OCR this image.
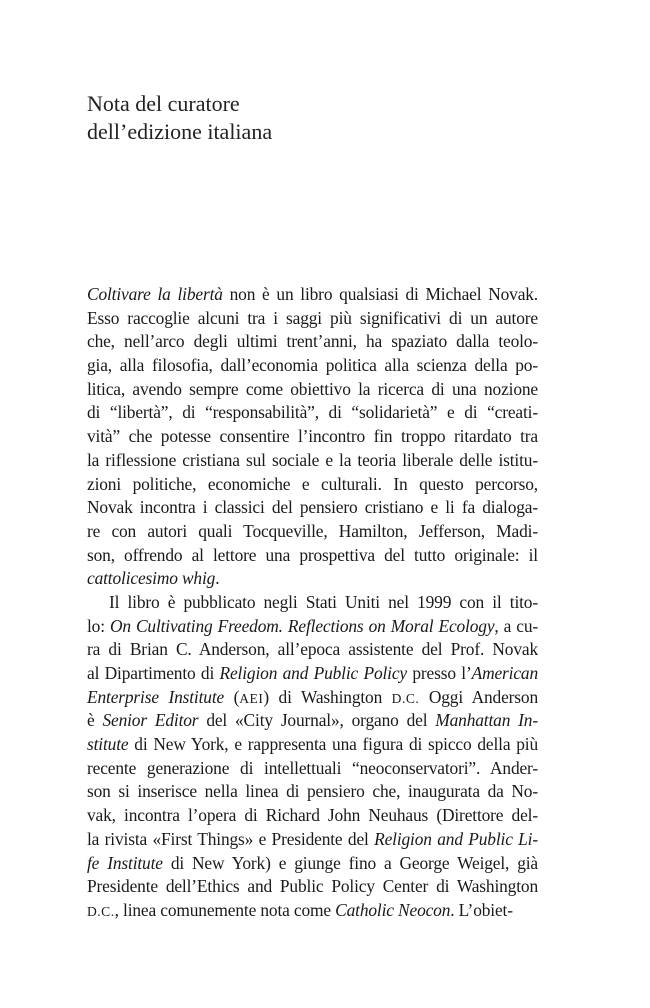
Nota del curatore
dell’edizione italiana
Coltivare la libertà non è un libro qualsiasi di Michael Novak.
Esso raccoglie alcuni tra i saggi più significativi di un autore
che, nell’arco degli ultimi trent’anni, ha spaziato dalla teolo-
gia, alla filosofia, dall’economia politica alla scienza della po-
litica, avendo sempre come obiettivo la ricerca di una nozione
di “libertà”, di “responsabilità”, di “solidarietà” e di “creati-
vità” che potesse consentire l’incontro fin troppo ritardato tra
la riflessione cristiana sul sociale e la teoria liberale delle istitu-
zioni politiche, economiche e culturali. In questo percorso,
Novak incontra i classici del pensiero cristiano e li fa dialoga-
re con autori quali Tocqueville, Hamilton, Jefferson, Madi-
son, offrendo al lettore una prospettiva del tutto originale: il
cattolicesimo whig.
Il libro è pubblicato negli Stati Uniti nel 1999 con il tito-
lo: On Cultivating Freedom. Reflections on Moral Ecology, a cu-
ra di Brian C. Anderson, all’epoca assistente del Prof. Novak
al Dipartimento di Religion and Public Policy presso l’American
Enterprise Institute (AEI) di Washington D.C. Oggi Anderson
è Senior Editor del «City Journal», organo del Manhattan In-
stitute di New York, e rappresenta una figura di spicco della più
recente generazione di intellettuali “neoconservatori”. Ander-
son si inserisce nella linea di pensiero che, inaugurata da No-
vak, incontra l’opera di Richard John Neuhaus (Direttore del-
la rivista «First Things» e Presidente del Religion and Public Li-
fe Institute di New York) e giunge fino a George Weigel, già
Presidente dell’Ethics and Public Policy Center di Washington
D.C., linea comunemente nota come Catholic Neocon. L’obiet-
